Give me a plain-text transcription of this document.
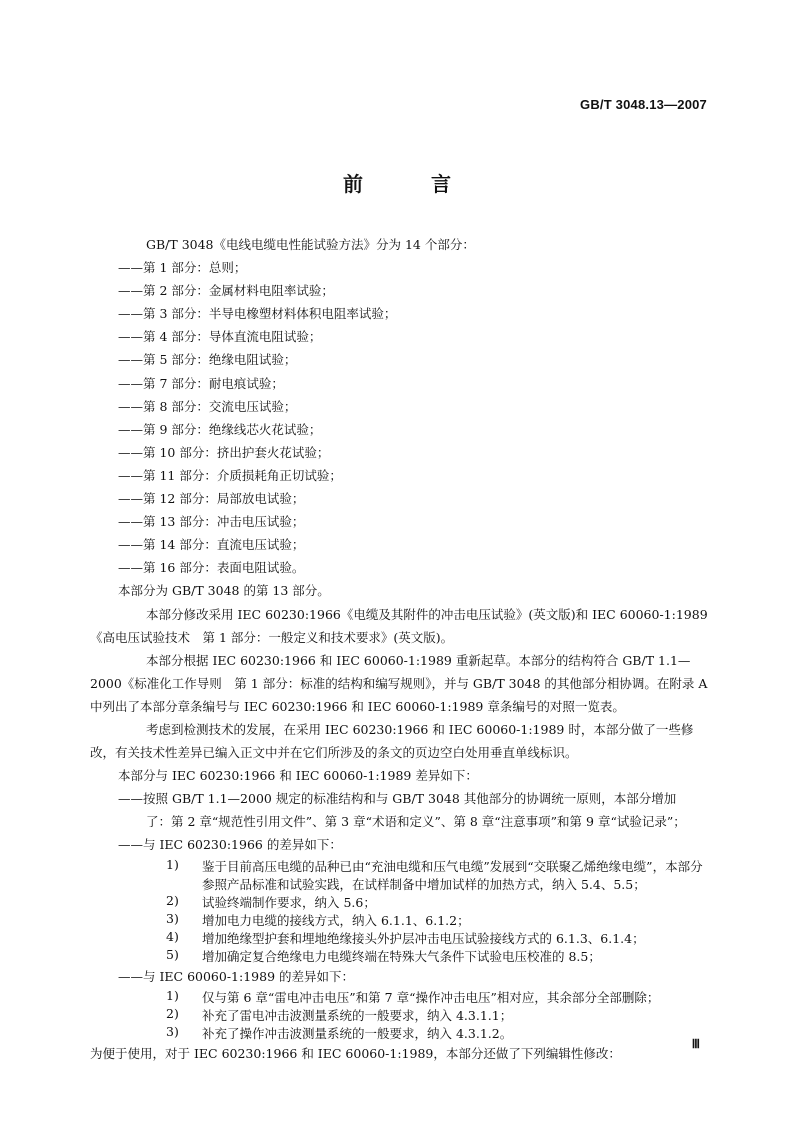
GB/T 3048.13—2007
前　言
GB/T 3048《电线电缆电性能试验方法》分为 14 个部分：
——第 1 部分：总则；
——第 2 部分：金属材料电阻率试验；
——第 3 部分：半导电橡塑材料体积电阻率试验；
——第 4 部分：导体直流电阻试验；
——第 5 部分：绝缘电阻试验；
——第 7 部分：耐电痕试验；
——第 8 部分：交流电压试验；
——第 9 部分：绝缘线芯火花试验；
——第 10 部分：挤出护套火花试验；
——第 11 部分：介质损耗角正切试验；
——第 12 部分：局部放电试验；
——第 13 部分：冲击电压试验；
——第 14 部分：直流电压试验；
——第 16 部分：表面电阻试验。
本部分为 GB/T 3048 的第 13 部分。
本部分修改采用 IEC 60230:1966《电缆及其附件的冲击电压试验》(英文版)和 IEC 60060-1:1989《高电压试验技术　第 1 部分：一般定义和技术要求》(英文版)。
本部分根据 IEC 60230:1966 和 IEC 60060-1:1989 重新起草。本部分的结构符合 GB/T 1.1—2000《标准化工作导则　第 1 部分：标准的结构和编写规则》，并与 GB/T 3048 的其他部分相协调。在附录 A 中列出了本部分章条编号与 IEC 60230:1966 和 IEC 60060-1:1989 章条编号的对照一览表。
考虑到检测技术的发展，在采用 IEC 60230:1966 和 IEC 60060-1:1989 时，本部分做了一些修改，有关技术性差异已编入正文中并在它们所涉及的条文的页边空白处用垂直单线标识。
本部分与 IEC 60230:1966 和 IEC 60060-1:1989 差异如下：
——按照 GB/T 1.1—2000 规定的标准结构和与 GB/T 3048 其他部分的协调统一原则，本部分增加
了：第 2 章“规范性引用文件”、第 3 章“术语和定义”、第 8 章“注意事项”和第 9 章“试验记录”；
——与 IEC 60230:1966 的差异如下：
1)	鉴于目前高压电缆的品种已由“充油电缆和压气电缆”发展到“交联聚乙烯绝缘电缆”，本部分参照产品标准和试验实践，在试样制备中增加试样的加热方式，纳入 5.4、5.5；
2)	试验终端制作要求，纳入 5.6；
3)	增加电力电缆的接线方式，纳入 6.1.1、6.1.2；
4)	增加绝缘型护套和埋地绝缘接头外护层冲击电压试验接线方式的 6.1.3、6.1.4；
5)	增加确定复合绝缘电力电缆终端在特殊大气条件下试验电压校准的 8.5；
——与 IEC 60060-1:1989 的差异如下：
1)	仅与第 6 章“雷电冲击电压”和第 7 章“操作冲击电压”相对应，其余部分全部删除；
2)	补充了雷电冲击波测量系统的一般要求，纳入 4.3.1.1；
3)	补充了操作冲击波测量系统的一般要求，纳入 4.3.1.2。
为便于使用，对于 IEC 60230:1966 和 IEC 60060-1:1989，本部分还做了下列编辑性修改：
Ⅲ
